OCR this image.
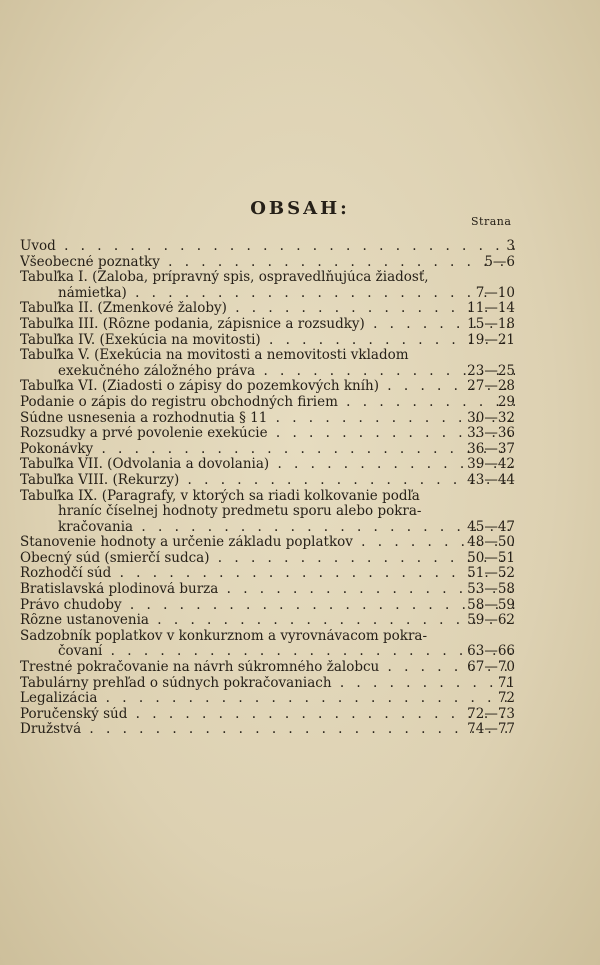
OBSAH:
Strana
Úvod . . .	3
Všeobecné poznatky . . .	5—6
Tabuľka I. (Žaloba, prípravný spis, ospravedlňujúca žiadosť,
námietka) . . .	7—10
Tabuľka II. (Zmenkové žaloby) . . .	11—14
Tabuľka III. (Rôzne podania, zápisnice a rozsudky) . . .	15—18
Tabuľka IV. (Exekúcia na movitosti) . . .	19—21
Tabuľka V. (Exekúcia na movitosti a nemovitosti vkladom
exekučného záložného práva . . .	23—25
Tabuľka VI. (Žiadosti o zápisy do pozemkových kníh) . . .	27—28
Podanie o zápis do registru obchodných firiem . . .	29
Súdne usnesenia a rozhodnutia § 11 . . .	30—32
Rozsudky a prvé povolenie exekúcie . . .	33—36
Pokonávky . . .	36—37
Tabuľka VII. (Odvolania a dovolania) . . .	39—42
Tabuľka VIII. (Rekurzy) . . .	43—44
Tabuľka IX. (Paragrafy, v ktorých sa riadi kolkovanie podľa
hraníc číselnej hodnoty predmetu sporu alebo pokra-
kračovania . . .	45—47
Stanovenie hodnoty a určenie základu poplatkov . . .	48—50
Obecný súd (smierčí sudca) . . .	50—51
Rozhodčí súd . . .	51—52
Bratislavská plodinová burza . . .	53—58
Právo chudoby . . .	58—59
Rôzne ustanovenia . . .	59—62
Sadzobník poplatkov v konkurznom a vyrovnávacom pokra-
čovaní . . .	63—66
Trestné pokračovanie na návrh súkromného žalobcu . . .	67—70
Tabulárny prehľad o súdnych pokračovaniach . . .	71
Legalizácia . . .	72
Poručenský súd . . .	72—73
Družstvá . . .	74—77
